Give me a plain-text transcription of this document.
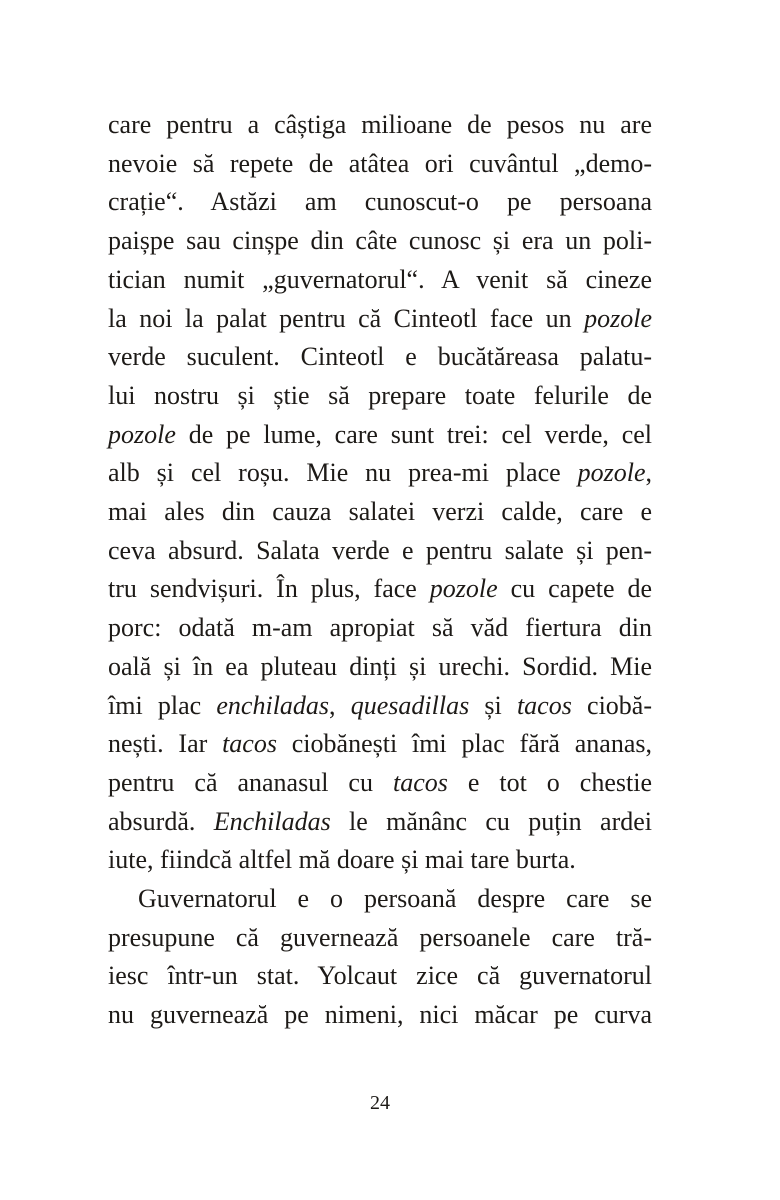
care pentru a câștiga milioane de pesos nu are
nevoie să repete de atâtea ori cuvântul „demo-
crație“. Astăzi am cunoscut-o pe persoana
paișpe sau cinșpe din câte cunosc și era un poli-
tician numit „guvernatorul“. A venit să cineze
la noi la palat pentru că Cinteotl face un pozole
verde suculent. Cinteotl e bucătăreasa palatu-
lui nostru și știe să prepare toate felurile de
pozole de pe lume, care sunt trei: cel verde, cel
alb și cel roșu. Mie nu prea-mi place pozole,
mai ales din cauza salatei verzi calde, care e
ceva absurd. Salata verde e pentru salate și pen-
tru sendvișuri. În plus, face pozole cu capete de
porc: odată m-am apropiat să văd fiertura din
oală și în ea pluteau dinți și urechi. Sordid. Mie
îmi plac enchiladas, quesadillas și tacos ciobă-
nești. Iar tacos ciobănești îmi plac fără ananas,
pentru că ananasul cu tacos e tot o chestie
absurdă. Enchiladas le mănânc cu puțin ardei
iute, fiindcă altfel mă doare și mai tare burta.
Guvernatorul e o persoană despre care se
presupune că guvernează persoanele care tră-
iesc într-un stat. Yolcaut zice că guvernatorul
nu guvernează pe nimeni, nici măcar pe curva
24
